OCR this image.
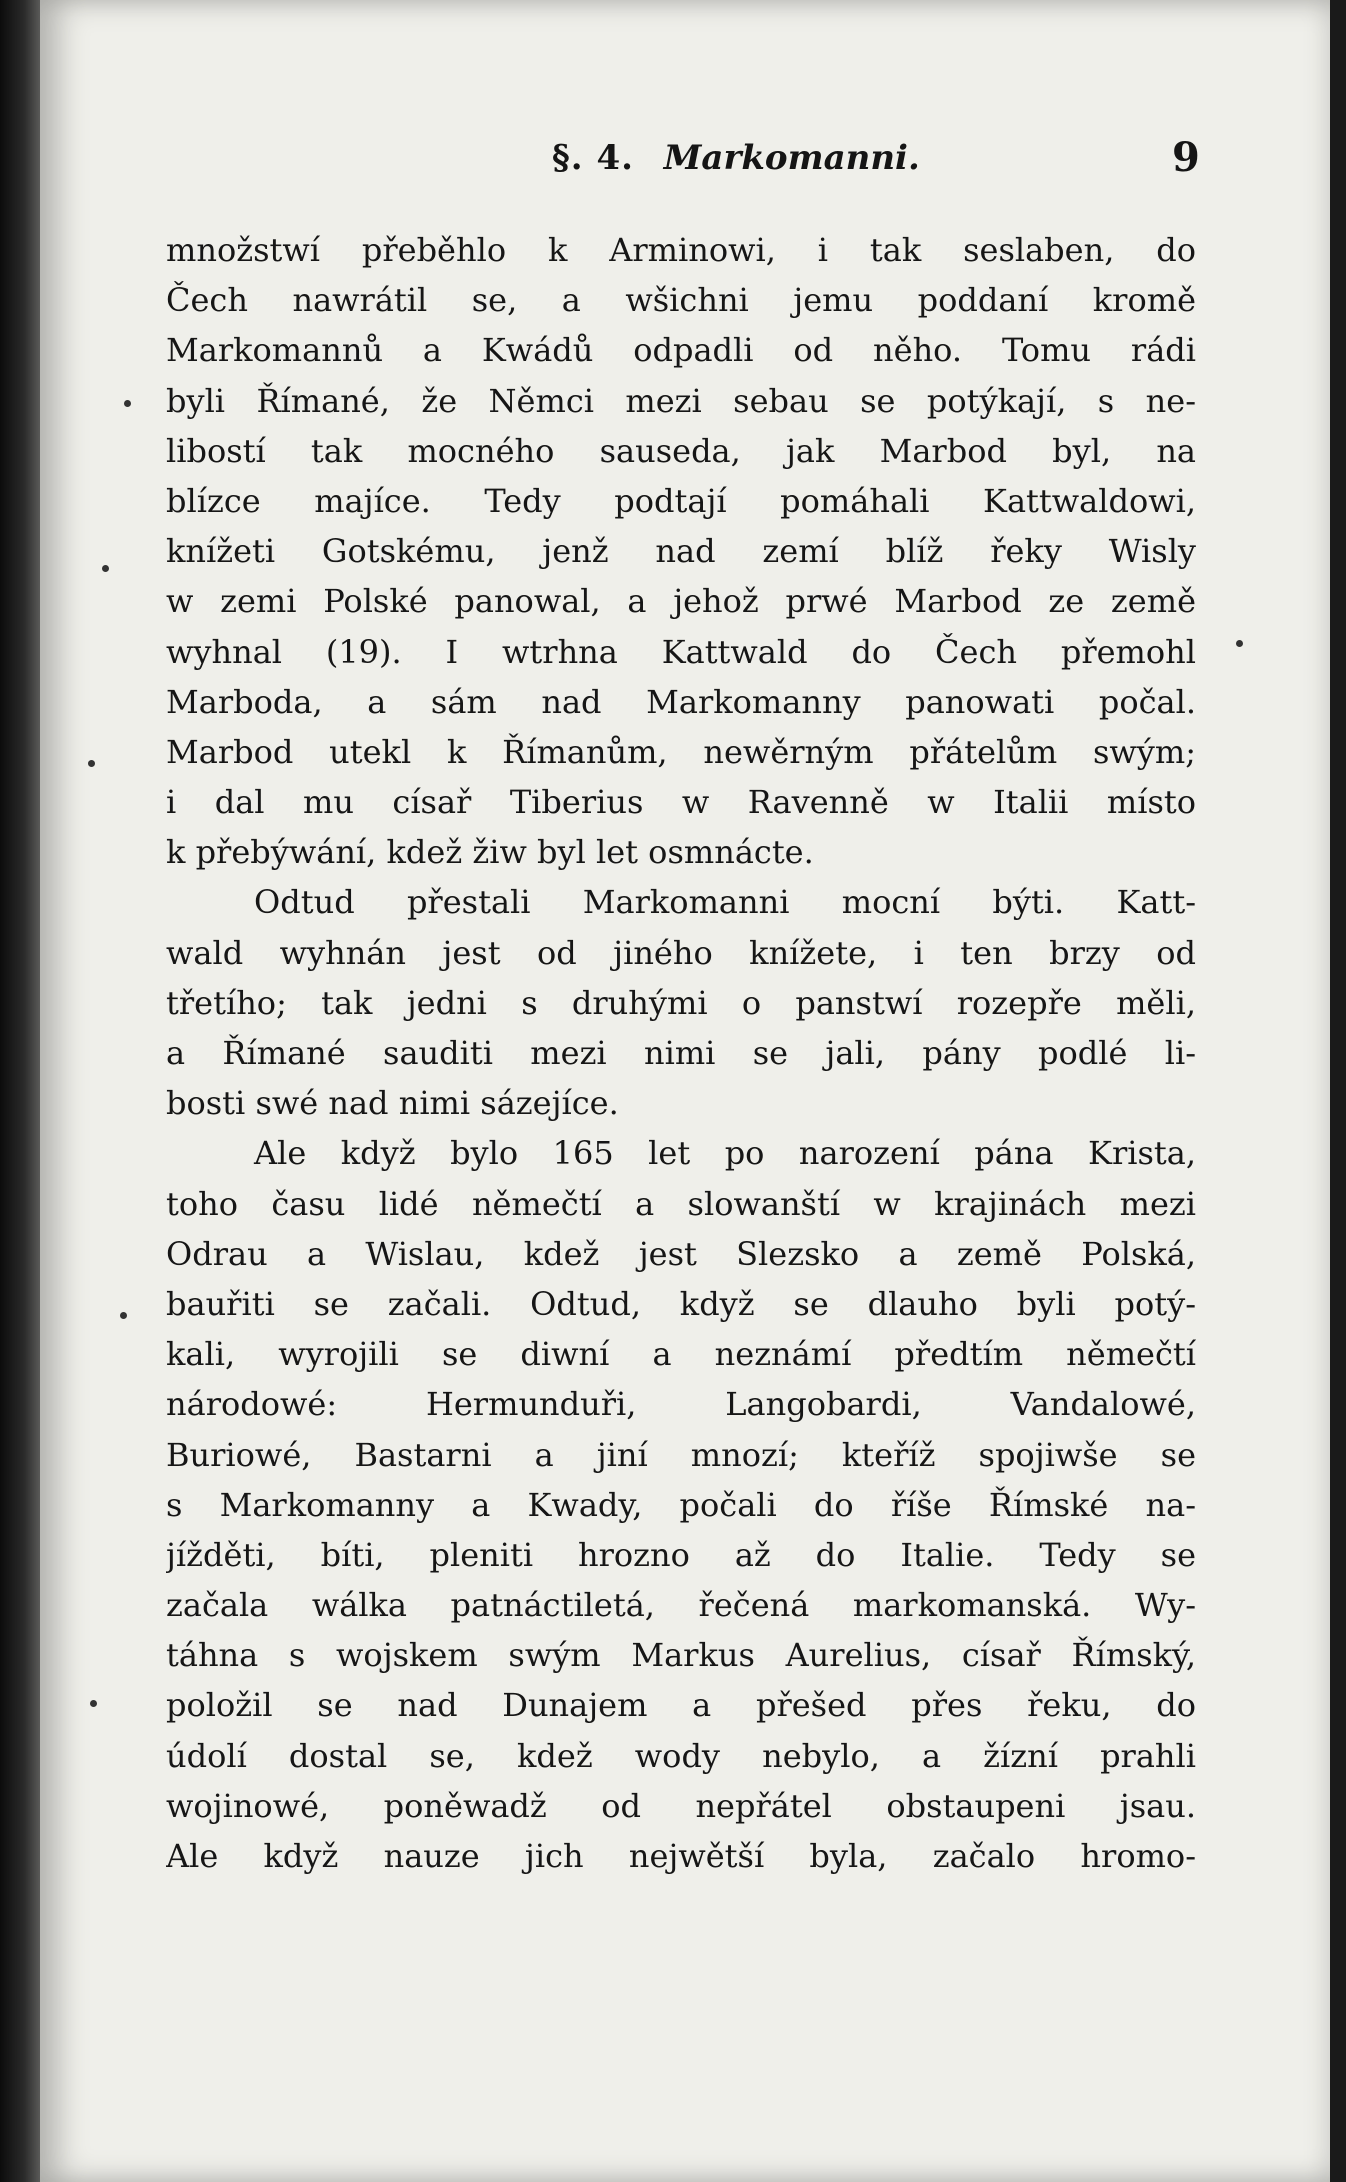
§. 4. Markomanni.	9
množstwí přeběhlo k Arminowi, i tak seslaben, do
Čech nawrátil se, a wšichni jemu poddaní kromě
Markomannů a Kwádů odpadli od něho. Tomu rádi
byli Římané, že Němci mezi sebau se potýkají, s ne-
libostí tak mocného sauseda, jak Marbod byl, na
blízce majíce. Tedy podtají pomáhali Kattwaldowi,
knížeti Gotskému, jenž nad zemí blíž řeky Wisly
w zemi Polské panowal, a jehož prwé Marbod ze země
wyhnal (19). I wtrhna Kattwald do Čech přemohl
Marboda, a sám nad Markomanny panowati počal.
Marbod utekl k Římanům, newěrným přátelům swým;
i dal mu císař Tiberius w Ravenně w Italii místo
k přebýwání, kdež žiw byl let osmnácte.
Odtud přestali Markomanni mocní býti. Katt-
wald wyhnán jest od jiného knížete, i ten brzy od
třetího; tak jedni s druhými o panstwí rozepře měli,
a Římané sauditi mezi nimi se jali, pány podlé li-
bosti swé nad nimi sázejíce.
Ale když bylo 165 let po narození pána Krista,
toho času lidé němečtí a slowanští w krajinách mezi
Odrau a Wislau, kdež jest Slezsko a země Polská,
bauřiti se začali. Odtud, když se dlauho byli potý-
kali, wyrojili se diwní a neznámí předtím němečtí
národowé: Hermunduři, Langobardi, Vandalowé,
Buriowé, Bastarni a jiní mnozí; kteříž spojiwše se
s Markomanny a Kwady, počali do říše Římské na-
jížděti, bíti, pleniti hrozno až do Italie. Tedy se
začala wálka patnáctiletá, řečená markomanská. Wy-
táhna s wojskem swým Markus Aurelius, císař Římský,
položil se nad Dunajem a přešed přes řeku, do
údolí dostal se, kdež wody nebylo, a žízní prahli
wojinowé, poněwadž od nepřátel obstaupeni jsau.
Ale když nauze jich nejwětší byla, začalo hromo-
